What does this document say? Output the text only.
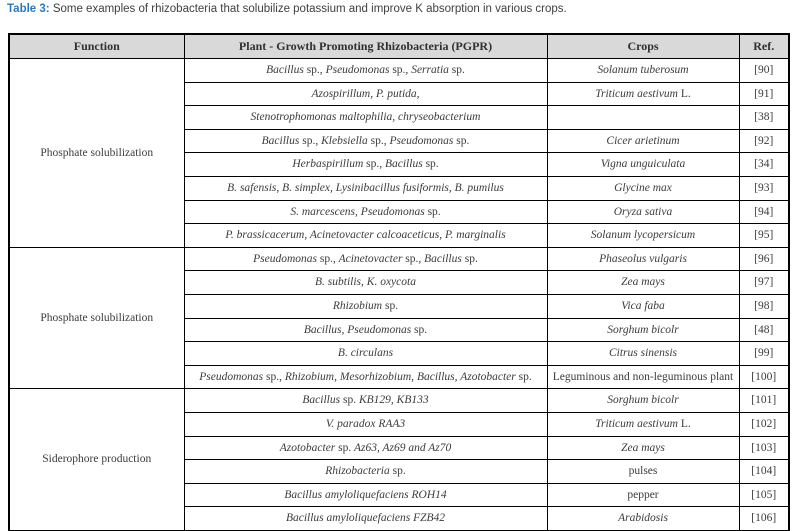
Table 3: Some examples of rhizobacteria that solubilize potassium and improve K absorption in various crops.
Function	Plant - Growth Promoting Rhizobacteria (PGPR)	Crops	Ref.
Phosphate solubilization	Bacillus sp., Pseudomonas sp., Serratia sp.	Solanum tuberosum	[90]
	Azospirillum, P. putida,	Triticum aestivum L.	[91]
	Stenotrophomonas maltophilia, chryseobacterium		[38]
	Bacillus sp., Klebsiella sp., Pseudomonas sp.	Cicer arietinum	[92]
	Herbaspirillum sp., Bacillus sp.	Vigna unguiculata	[34]
	B. safensis, B. simplex, Lysinibacillus fusiformis, B. pumilus	Glycine max	[93]
	S. marcescens, Pseudomonas sp.	Oryza sativa	[94]
	P. brassicacerum, Acinetovacter calcoaceticus, P. marginalis	Solanum lycopersicum	[95]
Phosphate solubilization	Pseudomonas sp., Acinetovacter sp., Bacillus sp.	Phaseolus vulgaris	[96]
	B. subtilis, K. oxycota	Zea mays	[97]
	Rhizobium sp.	Vica faba	[98]
	Bacillus, Pseudomonas sp.	Sorghum bicolr	[48]
	B. circulans	Citrus sinensis	[99]
	Pseudomonas sp., Rhizobium, Mesorhizobium, Bacillus, Azotobacter sp.	Leguminous and non-leguminous plant	[100]
Siderophore production	Bacillus sp. KB129, KB133	Sorghum bicolr	[101]
	V. paradox RAA3	Triticum aestivum L.	[102]
	Azotobacter sp. Az63, Az69 and Az70	Zea mays	[103]
	Rhizobacteria sp.	pulses	[104]
	Bacillus amyloliquefaciens ROH14	pepper	[105]
	Bacillus amyloliquefaciens FZB42	Arabidosis	[106]
